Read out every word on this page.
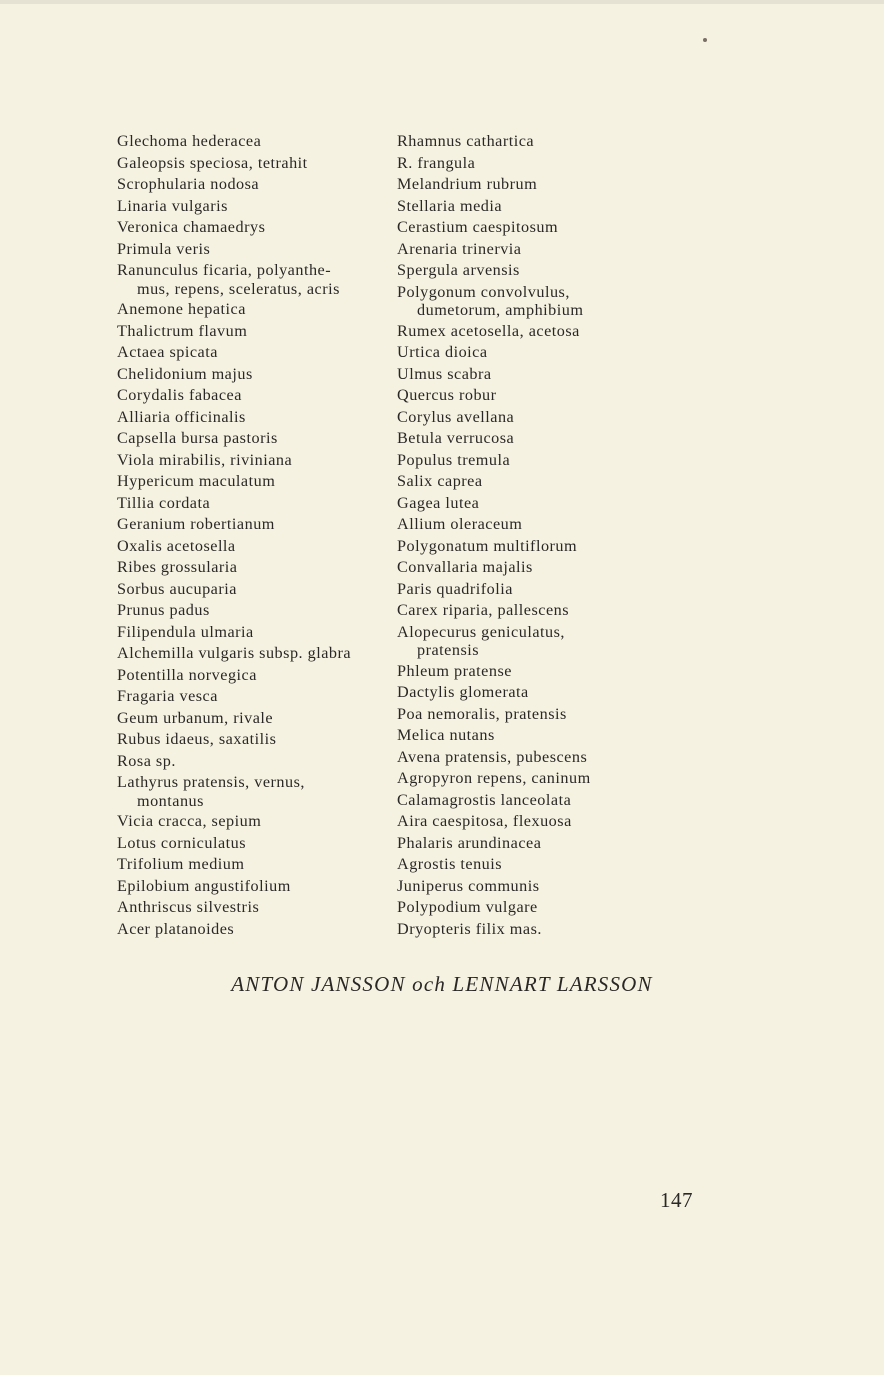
Glechoma hederacea
Galeopsis speciosa, tetrahit
Scrophularia nodosa
Linaria vulgaris
Veronica chamaedrys
Primula veris
Ranunculus ficaria, polyanthe-
mus, repens, sceleratus, acris
Anemone hepatica
Thalictrum flavum
Actaea spicata
Chelidonium majus
Corydalis fabacea
Alliaria officinalis
Capsella bursa pastoris
Viola mirabilis, riviniana
Hypericum maculatum
Tillia cordata
Geranium robertianum
Oxalis acetosella
Ribes grossularia
Sorbus aucuparia
Prunus padus
Filipendula ulmaria
Alchemilla vulgaris subsp. glabra
Potentilla norvegica
Fragaria vesca
Geum urbanum, rivale
Rubus idaeus, saxatilis
Rosa sp.
Lathyrus pratensis, vernus,
montanus
Vicia cracca, sepium
Lotus corniculatus
Trifolium medium
Epilobium angustifolium
Anthriscus silvestris
Acer platanoides
Rhamnus cathartica
R. frangula
Melandrium rubrum
Stellaria media
Cerastium caespitosum
Arenaria trinervia
Spergula arvensis
Polygonum convolvulus,
dumetorum, amphibium
Rumex acetosella, acetosa
Urtica dioica
Ulmus scabra
Quercus robur
Corylus avellana
Betula verrucosa
Populus tremula
Salix caprea
Gagea lutea
Allium oleraceum
Polygonatum multiflorum
Convallaria majalis
Paris quadrifolia
Carex riparia, pallescens
Alopecurus geniculatus,
pratensis
Phleum pratense
Dactylis glomerata
Poa nemoralis, pratensis
Melica nutans
Avena pratensis, pubescens
Agropyron repens, caninum
Calamagrostis lanceolata
Aira caespitosa, flexuosa
Phalaris arundinacea
Agrostis tenuis
Juniperus communis
Polypodium vulgare
Dryopteris filix mas.
ANTON JANSSON och LENNART LARSSON
147
